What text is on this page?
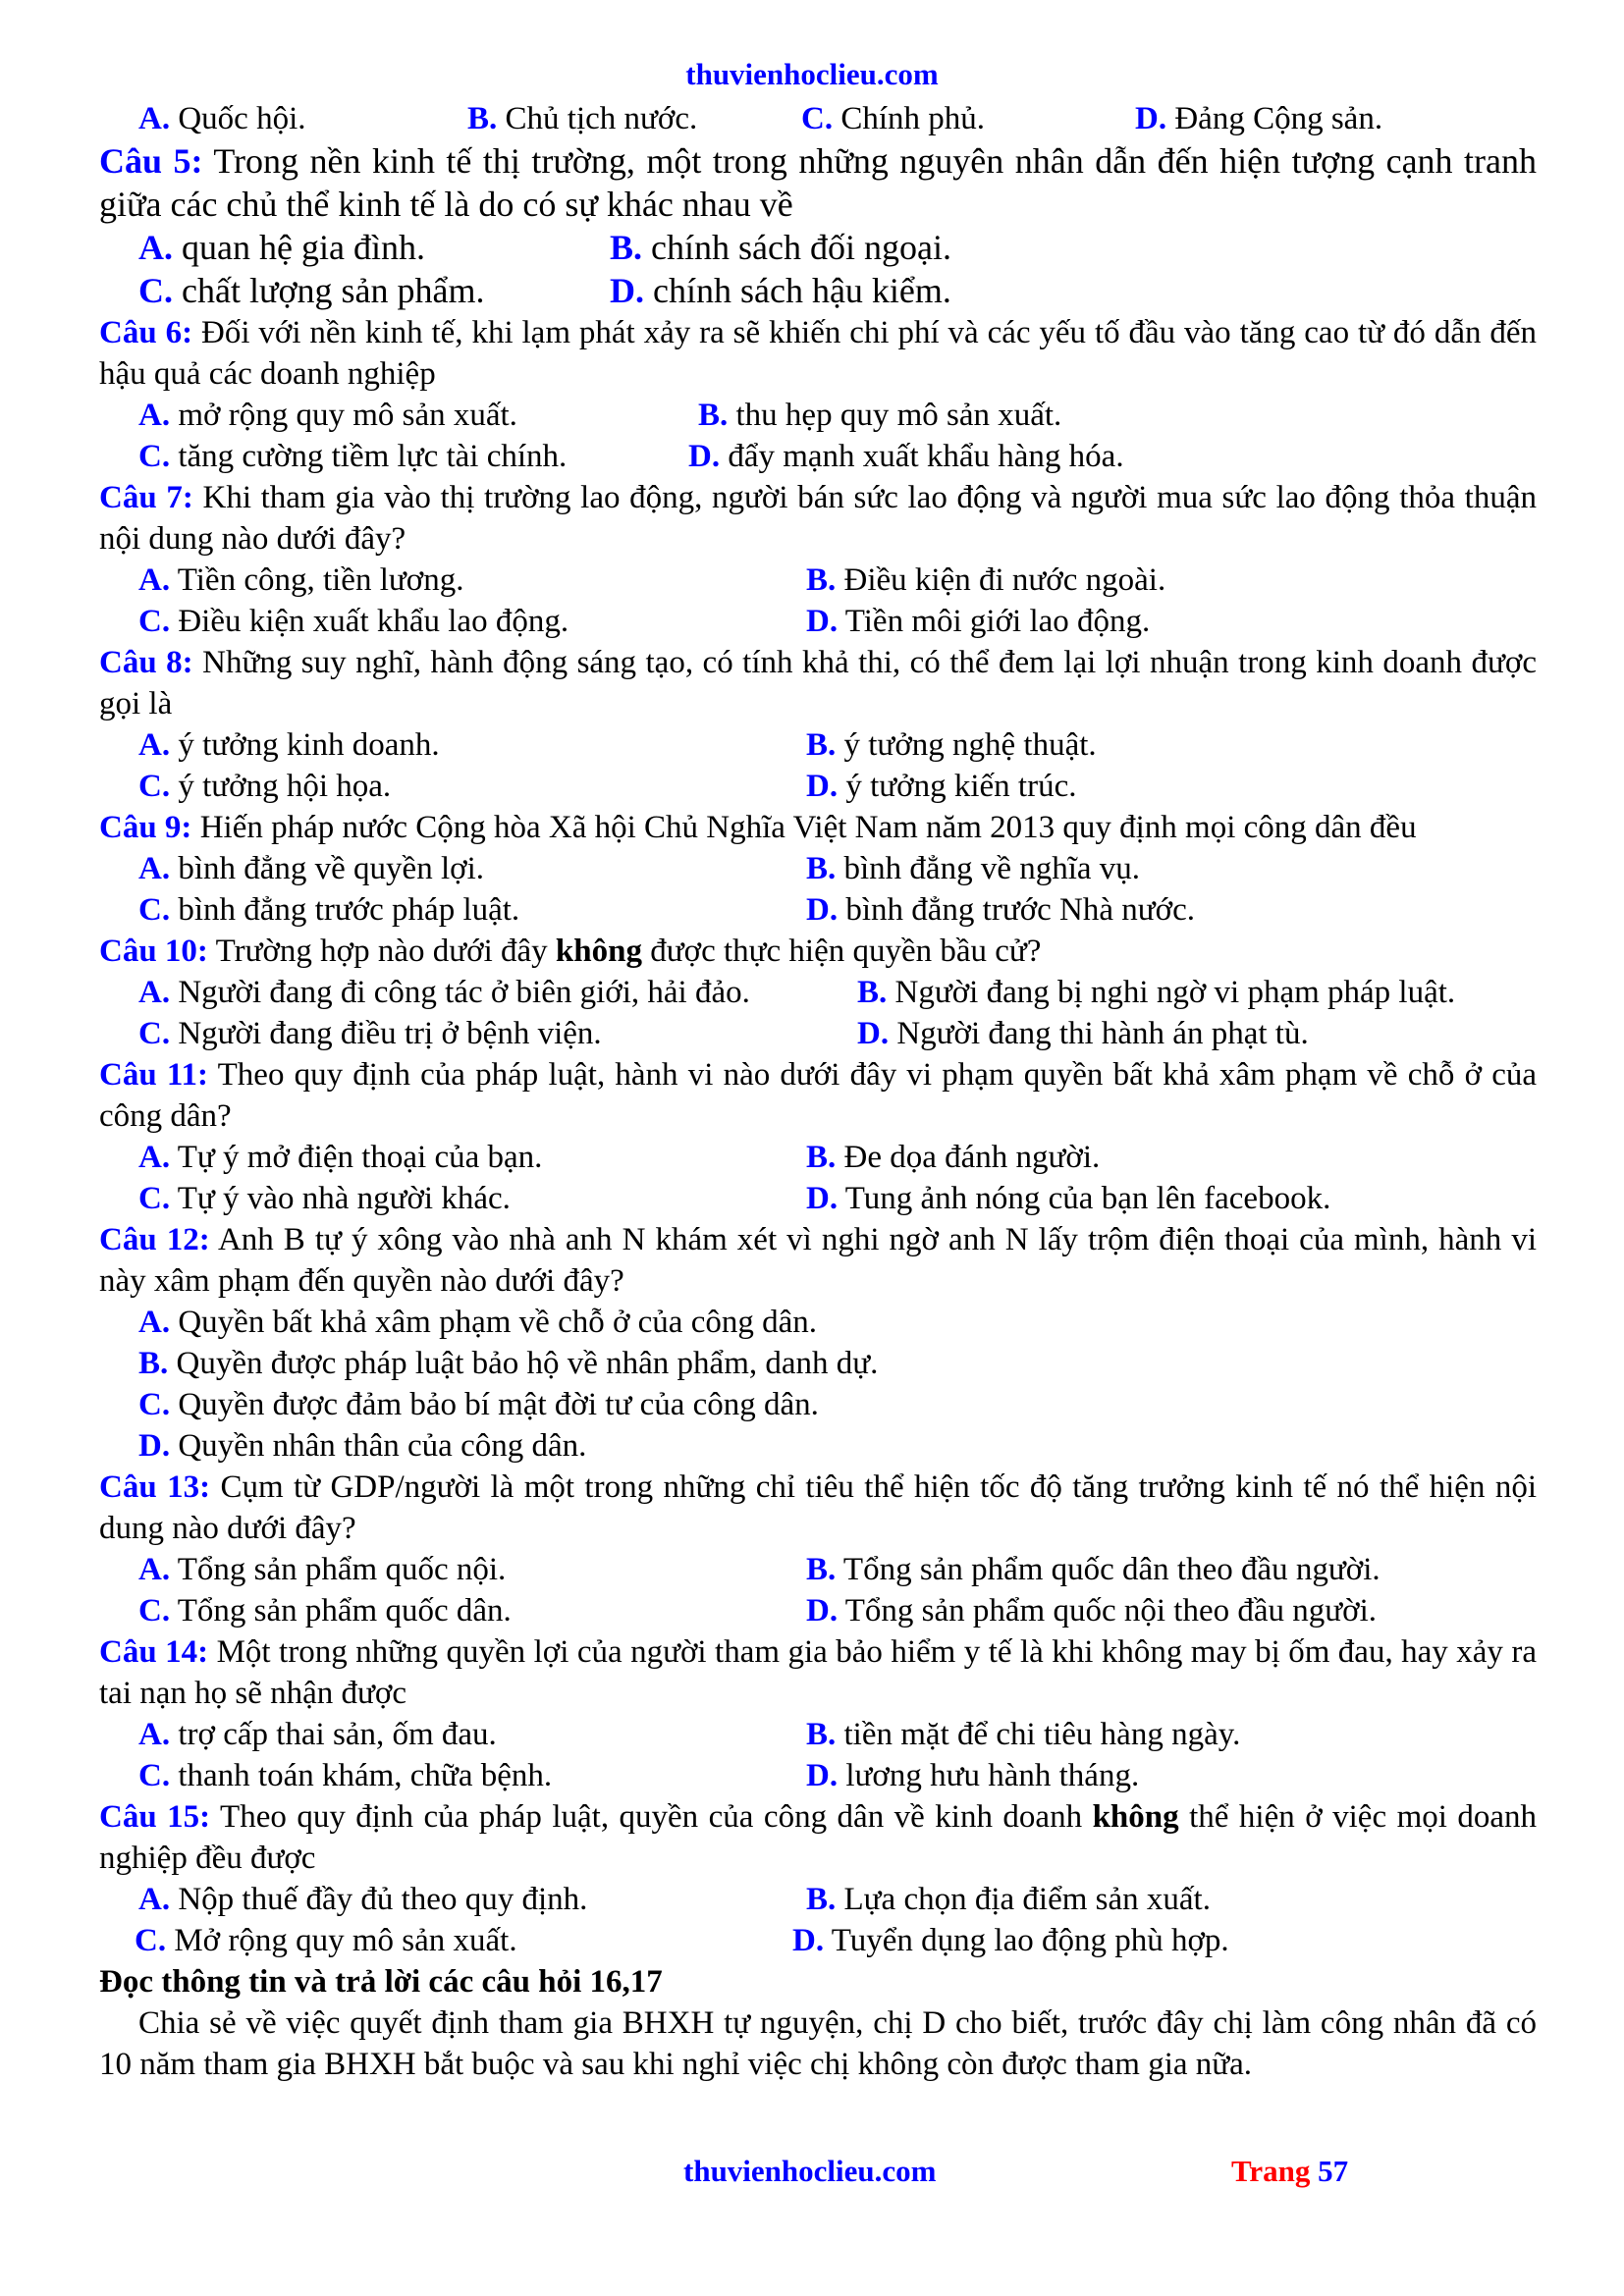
thuvienhoclieu.com
A. Quốc hội.	B. Chủ tịch nước.	C. Chính phủ.	D. Đảng Cộng sản.

Câu 5: Trong nền kinh tế thị trường, một trong những nguyên nhân dẫn đến hiện tượng cạnh tranh giữa các chủ thể kinh tế là do có sự khác nhau về

A. quan hệ gia đình.	B. chính sách đối ngoại.
C. chất lượng sản phẩm.	D. chính sách hậu kiểm.

Câu 6: Đối với nền kinh tế, khi lạm phát xảy ra sẽ khiến chi phí và các yếu tố đầu vào tăng cao từ đó dẫn đến hậu quả các doanh nghiệp

A. mở rộng quy mô sản xuất.	B. thu hẹp quy mô sản xuất.
C. tăng cường tiềm lực tài chính.	D. đẩy mạnh xuất khẩu hàng hóa.

Câu 7: Khi tham gia vào thị trường lao động, người bán sức lao động và người mua sức lao động thỏa thuận nội dung nào dưới đây?

A. Tiền công, tiền lương.	B. Điều kiện đi nước ngoài.
C. Điều kiện xuất khẩu lao động.	D. Tiền môi giới lao động.

Câu 8: Những suy nghĩ, hành động sáng tạo, có tính khả thi, có thể đem lại lợi nhuận trong kinh doanh được gọi là

A. ý tưởng kinh doanh.	B. ý tưởng nghệ thuật.
C. ý tưởng hội họa.	D. ý tưởng kiến trúc.

Câu 9: Hiến pháp nước Cộng hòa Xã hội Chủ Nghĩa Việt Nam năm 2013 quy định mọi công dân đều

A. bình đẳng về quyền lợi.	B. bình đẳng về nghĩa vụ.
C. bình đẳng trước pháp luật.	D. bình đẳng trước Nhà nước.

Câu 10: Trường hợp nào dưới đây không được thực hiện quyền bầu cử?

A. Người đang đi công tác ở biên giới, hải đảo.	B. Người đang bị nghi ngờ vi phạm pháp luật.
C. Người đang điều trị ở bệnh viện.	D. Người đang thi hành án phạt tù.

Câu 11: Theo quy định của pháp luật, hành vi nào dưới đây vi phạm quyền bất khả xâm phạm về chỗ ở của công dân?

A. Tự ý mở điện thoại của bạn.	B. Đe dọa đánh người.
C. Tự ý vào nhà người khác.	D. Tung ảnh nóng của bạn lên facebook.

Câu 12: Anh B tự ý xông vào nhà anh N khám xét vì nghi ngờ anh N lấy trộm điện thoại của mình, hành vi này xâm phạm đến quyền nào dưới đây?

A. Quyền bất khả xâm phạm về chỗ ở của công dân.
B. Quyền được pháp luật bảo hộ về nhân phẩm, danh dự.
C. Quyền được đảm bảo bí mật đời tư của công dân.
D. Quyền nhân thân của công dân.

Câu 13: Cụm từ GDP/người là một trong những chỉ tiêu thể hiện tốc độ tăng trưởng kinh tế nó thể hiện nội dung nào dưới đây?

A. Tổng sản phẩm quốc nội.	B. Tổng sản phẩm quốc dân theo đầu người.
C. Tổng sản phẩm quốc dân.	D. Tổng sản phẩm quốc nội theo đầu người.

Câu 14: Một trong những quyền lợi của người tham gia bảo hiểm y tế là khi không may bị ốm đau, hay xảy ra tai nạn họ sẽ nhận được

A. trợ cấp thai sản, ốm đau.	B. tiền mặt để chi tiêu hàng ngày.
C. thanh toán khám, chữa bệnh.	D. lương hưu hành tháng.

Câu 15: Theo quy định của pháp luật, quyền của công dân về kinh doanh không thể hiện ở việc mọi doanh nghiệp đều được

A. Nộp thuế đầy đủ theo quy định.	B. Lựa chọn địa điểm sản xuất.
C. Mở rộng quy mô sản xuất.	D. Tuyển dụng lao động phù hợp.

Đọc thông tin và trả lời các câu hỏi 16,17

Chia sẻ về việc quyết định tham gia BHXH tự nguyện, chị D cho biết, trước đây chị làm công nhân đã có 10 năm tham gia BHXH bắt buộc và sau khi nghỉ việc chị không còn được tham gia nữa.

thuvienhoclieu.com	Trang 57
